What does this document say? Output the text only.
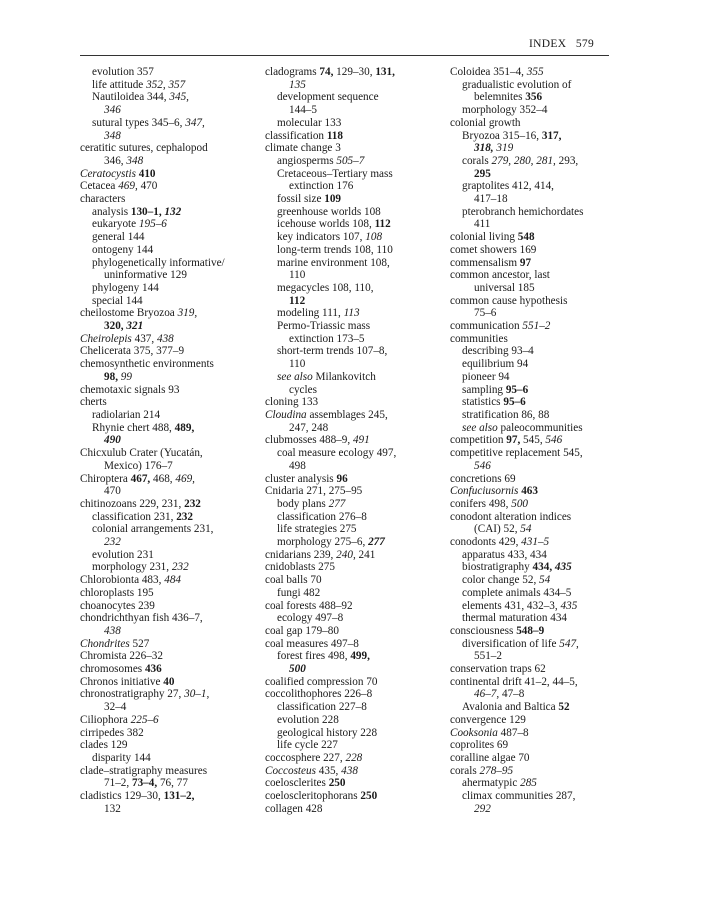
INDEX 579
evolution 357
life attitude 352, 357
Nautiloidea 344, 345,
346
sutural types 345–6, 347,
348
ceratitic sutures, cephalopod
346, 348
Ceratocystis 410
Cetacea 469, 470
characters
analysis 130–1, 132
eukaryote 195–6
general 144
ontogeny 144
phylogenetically informative/
uninformative 129
phylogeny 144
special 144
cheilostome Bryozoa 319,
320, 321
Cheirolepis 437, 438
Chelicerata 375, 377–9
chemosynthetic environments
98, 99
chemotaxic signals 93
cherts
radiolarian 214
Rhynie chert 488, 489,
490
Chicxulub Crater (Yucatán,
Mexico) 176–7
Chiroptera 467, 468, 469,
470
chitinozoans 229, 231, 232
classification 231, 232
colonial arrangements 231,
232
evolution 231
morphology 231, 232
Chlorobionta 483, 484
chloroplasts 195
choanocytes 239
chondrichthyan fish 436–7,
438
Chondrites 527
Chromista 226–32
chromosomes 436
Chronos initiative 40
chronostratigraphy 27, 30–1,
32–4
Ciliophora 225–6
cirripedes 382
clades 129
disparity 144
clade–stratigraphy measures
71–2, 73–4, 76, 77
cladistics 129–30, 131–2,
132
cladograms 74, 129–30, 131,
135
development sequence
144–5
molecular 133
classification 118
climate change 3
angiosperms 505–7
Cretaceous–Tertiary mass
extinction 176
fossil size 109
greenhouse worlds 108
icehouse worlds 108, 112
key indicators 107, 108
long-term trends 108, 110
marine environment 108,
110
megacycles 108, 110,
112
modeling 111, 113
Permo-Triassic mass
extinction 173–5
short-term trends 107–8,
110
see also Milankovitch
cycles
cloning 133
Cloudina assemblages 245,
247, 248
clubmosses 488–9, 491
coal measure ecology 497,
498
cluster analysis 96
Cnidaria 271, 275–95
body plans 277
classification 276–8
life strategies 275
morphology 275–6, 277
cnidarians 239, 240, 241
cnidoblasts 275
coal balls 70
fungi 482
coal forests 488–92
ecology 497–8
coal gap 179–80
coal measures 497–8
forest fires 498, 499,
500
coalified compression 70
coccolithophores 226–8
classification 227–8
evolution 228
geological history 228
life cycle 227
coccosphere 227, 228
Coccosteus 435, 438
coelosclerites 250
coeloscleritophorans 250
collagen 428
Coloidea 351–4, 355
gradualistic evolution of
belemnites 356
morphology 352–4
colonial growth
Bryozoa 315–16, 317,
318, 319
corals 279, 280, 281, 293,
295
graptolites 412, 414,
417–18
pterobranch hemichordates
411
colonial living 548
comet showers 169
commensalism 97
common ancestor, last
universal 185
common cause hypothesis
75–6
communication 551–2
communities
describing 93–4
equilibrium 94
pioneer 94
sampling 95–6
statistics 95–6
stratification 86, 88
see also paleocommunities
competition 97, 545, 546
competitive replacement 545,
546
concretions 69
Confuciusornis 463
conifers 498, 500
conodont alteration indices
(CAI) 52, 54
conodonts 429, 431–5
apparatus 433, 434
biostratigraphy 434, 435
color change 52, 54
complete animals 434–5
elements 431, 432–3, 435
thermal maturation 434
consciousness 548–9
diversification of life 547,
551–2
conservation traps 62
continental drift 41–2, 44–5,
46–7, 47–8
Avalonia and Baltica 52
convergence 129
Cooksonia 487–8
coprolites 69
coralline algae 70
corals 278–95
ahermatypic 285
climax communities 287,
292
